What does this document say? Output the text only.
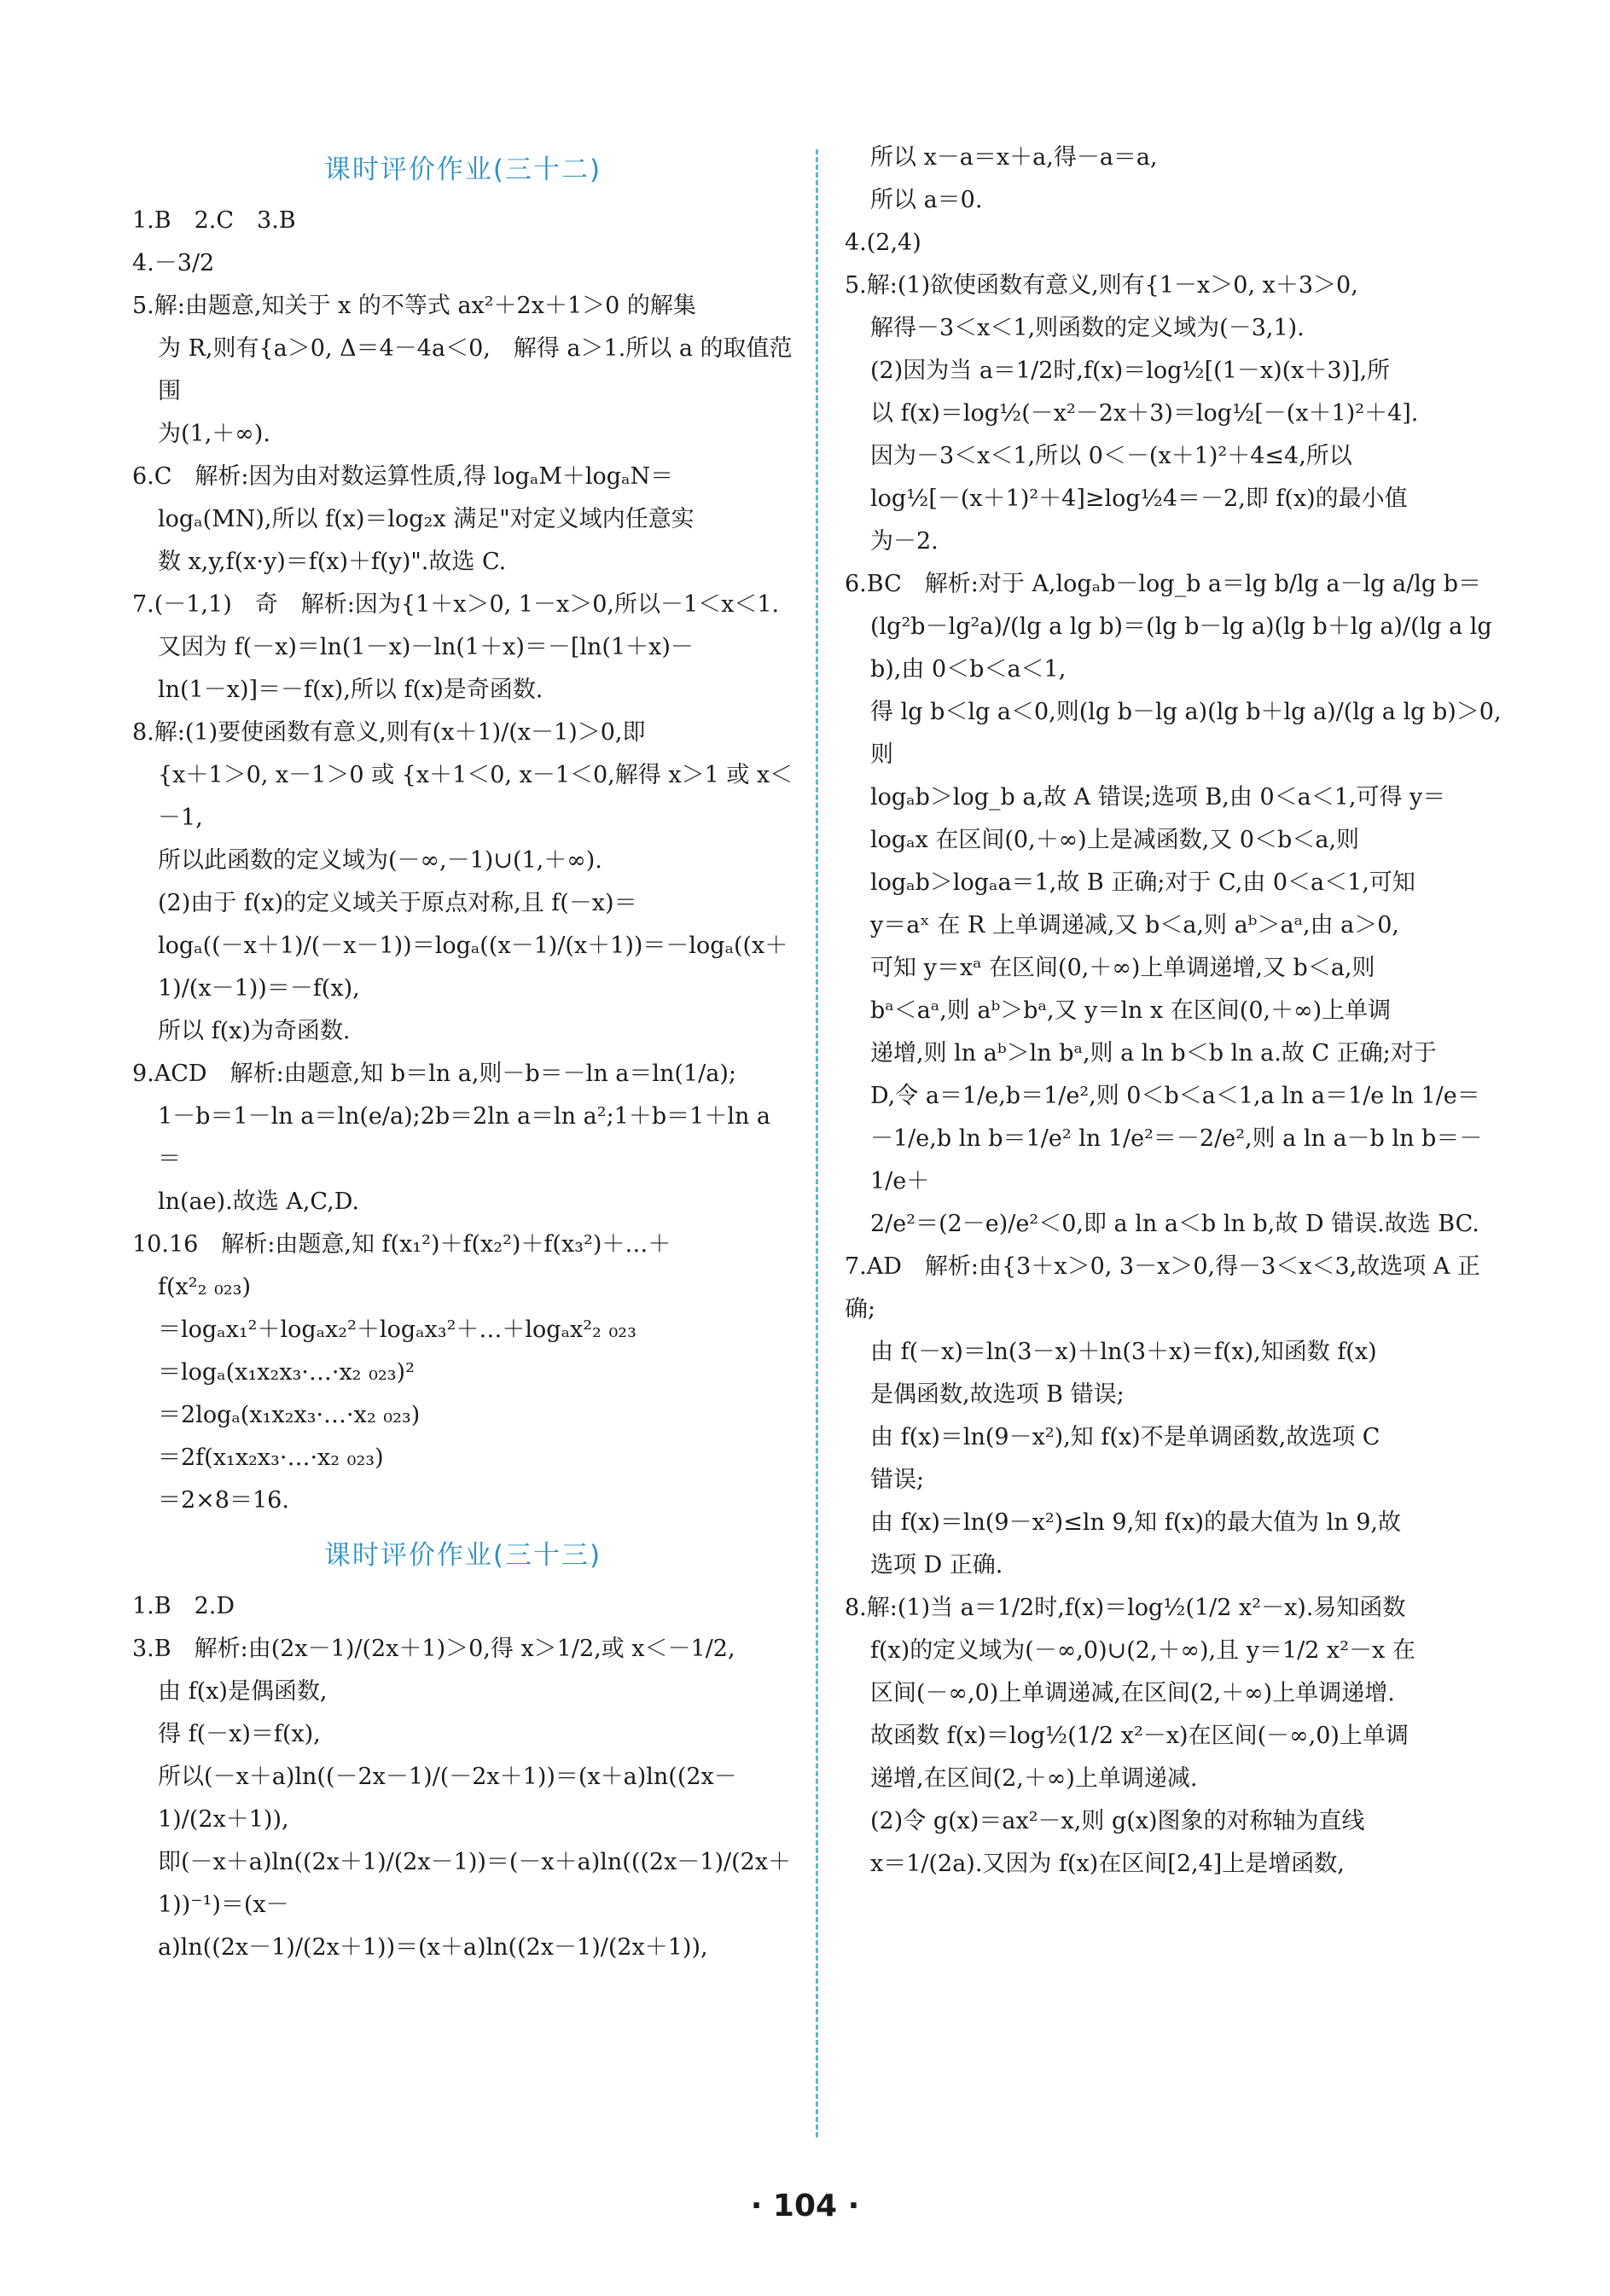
课时评价作业(三十二)
1.B　2.C　3.B
4.－3/2
5.解:由题意,知关于 x 的不等式 ax²＋2x＋1＞0 的解集
为 R,则有{a＞0, Δ＝4－4a＜0,　解得 a＞1.所以 a 的取值范围
为(1,＋∞).
6.C　解析:因为由对数运算性质,得 logₐM＋logₐN＝
logₐ(MN),所以 f(x)＝log₂x 满足"对定义域内任意实
数 x,y,f(x·y)＝f(x)＋f(y)".故选 C.
7.(－1,1)　奇　解析:因为{1＋x＞0, 1－x＞0,所以－1＜x＜1.
又因为 f(－x)＝ln(1－x)－ln(1＋x)＝－[ln(1＋x)－
ln(1－x)]＝－f(x),所以 f(x)是奇函数.
8.解:(1)要使函数有意义,则有(x＋1)/(x－1)＞0,即
{x＋1＞0, x－1＞0 或 {x＋1＜0, x－1＜0,解得 x＞1 或 x＜－1,
所以此函数的定义域为(－∞,－1)∪(1,＋∞).
(2)由于 f(x)的定义域关于原点对称,且 f(－x)＝
logₐ((－x＋1)/(－x－1))＝logₐ((x－1)/(x＋1))＝－logₐ((x＋1)/(x－1))＝－f(x),
所以 f(x)为奇函数.
9.ACD　解析:由题意,知 b＝ln a,则－b＝－ln a＝ln(1/a);
1－b＝1－ln a＝ln(e/a);2b＝2ln a＝ln a²;1＋b＝1＋ln a＝
ln(ae).故选 A,C,D.
10.16　解析:由题意,知 f(x₁²)＋f(x₂²)＋f(x₃²)＋…＋
f(x²₂ ₀₂₃)
＝logₐx₁²＋logₐx₂²＋logₐx₃²＋…＋logₐx²₂ ₀₂₃
＝logₐ(x₁x₂x₃·…·x₂ ₀₂₃)²
＝2logₐ(x₁x₂x₃·…·x₂ ₀₂₃)
＝2f(x₁x₂x₃·…·x₂ ₀₂₃)
＝2×8＝16.
课时评价作业(三十三)
1.B　2.D
3.B　解析:由(2x－1)/(2x＋1)＞0,得 x＞1/2,或 x＜－1/2,
由 f(x)是偶函数,
得 f(－x)＝f(x),
所以(－x＋a)ln((－2x－1)/(－2x＋1))＝(x＋a)ln((2x－1)/(2x＋1)),
即(－x＋a)ln((2x＋1)/(2x－1))＝(－x＋a)ln(((2x－1)/(2x＋1))⁻¹)＝(x－
a)ln((2x－1)/(2x＋1))＝(x＋a)ln((2x－1)/(2x＋1)),
所以 x－a＝x＋a,得－a＝a,
所以 a＝0.
4.(2,4)
5.解:(1)欲使函数有意义,则有{1－x＞0, x＋3＞0,
解得－3＜x＜1,则函数的定义域为(－3,1).
(2)因为当 a＝1/2时,f(x)＝log½[(1－x)(x＋3)],所
以 f(x)＝log½(－x²－2x＋3)＝log½[－(x＋1)²＋4].
因为－3＜x＜1,所以 0＜－(x＋1)²＋4≤4,所以
log½[－(x＋1)²＋4]≥log½4＝－2,即 f(x)的最小值
为－2.
6.BC　解析:对于 A,logₐb－log_b a＝lg b/lg a－lg a/lg b＝
(lg²b－lg²a)/(lg a lg b)＝(lg b－lg a)(lg b＋lg a)/(lg a lg b),由 0＜b＜a＜1,
得 lg b＜lg a＜0,则(lg b－lg a)(lg b＋lg a)/(lg a lg b)＞0,则
logₐb＞log_b a,故 A 错误;选项 B,由 0＜a＜1,可得 y＝
logₐx 在区间(0,＋∞)上是减函数,又 0＜b＜a,则
logₐb＞logₐa＝1,故 B 正确;对于 C,由 0＜a＜1,可知
y＝aˣ 在 R 上单调递减,又 b＜a,则 aᵇ＞aᵃ,由 a＞0,
可知 y＝xᵃ 在区间(0,＋∞)上单调递增,又 b＜a,则
bᵃ＜aᵃ,则 aᵇ＞bᵃ,又 y＝ln x 在区间(0,＋∞)上单调
递增,则 ln aᵇ＞ln bᵃ,则 a ln b＜b ln a.故 C 正确;对于
D,令 a＝1/e,b＝1/e²,则 0＜b＜a＜1,a ln a＝1/e ln 1/e＝
－1/e,b ln b＝1/e² ln 1/e²＝－2/e²,则 a ln a－b ln b＝－1/e＋
2/e²＝(2－e)/e²＜0,即 a ln a＜b ln b,故 D 错误.故选 BC.
7.AD　解析:由{3＋x＞0, 3－x＞0,得－3＜x＜3,故选项 A 正确;
由 f(－x)＝ln(3－x)＋ln(3＋x)＝f(x),知函数 f(x)
是偶函数,故选项 B 错误;
由 f(x)＝ln(9－x²),知 f(x)不是单调函数,故选项 C
错误;
由 f(x)＝ln(9－x²)≤ln 9,知 f(x)的最大值为 ln 9,故
选项 D 正确.
8.解:(1)当 a＝1/2时,f(x)＝log½(1/2 x²－x).易知函数
f(x)的定义域为(－∞,0)∪(2,＋∞),且 y＝1/2 x²－x 在
区间(－∞,0)上单调递减,在区间(2,＋∞)上单调递增.
故函数 f(x)＝log½(1/2 x²－x)在区间(－∞,0)上单调
递增,在区间(2,＋∞)上单调递减.
(2)令 g(x)＝ax²－x,则 g(x)图象的对称轴为直线
x＝1/(2a).又因为 f(x)在区间[2,4]上是增函数,
· 104 ·
